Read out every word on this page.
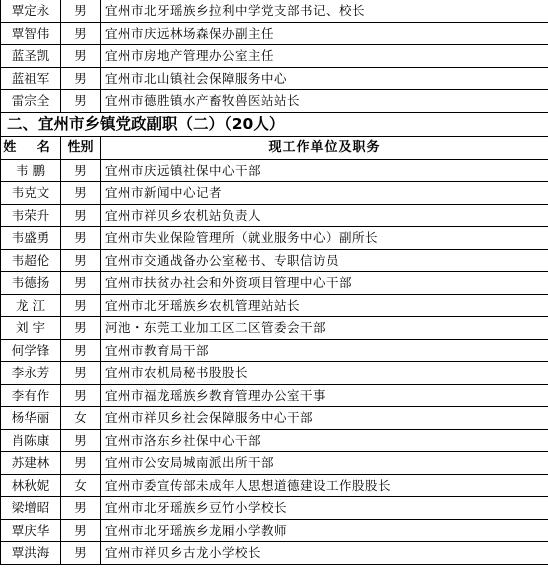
覃定永	男	宜州市北牙瑶族乡拉利中学党支部书记、校长
覃智伟	男	宜州市庆远林场森保办副主任
蓝圣凯	男	宜州市房地产管理办公室主任
蓝祖军	男	宜州市北山镇社会保障服务中心
雷宗全	男	宜州市德胜镇水产畜牧兽医站站长
二、宜州市乡镇党政副职（二）（20人）		
姓 名	性别	现工作单位及职务
韦 鹏	男	宜州市庆远镇社保中心干部
韦克文	男	宜州市新闻中心记者
韦荣升	男	宜州市祥贝乡农机站负责人
韦盛勇	男	宜州市失业保险管理所（就业服务中心）副所长
韦超伦	男	宜州市交通战备办公室秘书、专职信访员
韦德扬	男	宜州市扶贫办社会和外资项目管理中心干部
龙 江	男	宜州市北牙瑶族乡农机管理站站长
刘 宇	男	河池・东莞工业加工区二区管委会干部
何学锋	男	宜州市教育局干部
李永芳	男	宜州市农机局秘书股股长
李有作	男	宜州市福龙瑶族乡教育管理办公室干事
杨华丽	女	宜州市祥贝乡社会保障服务中心干部
肖陈康	男	宜州市洛东乡社保中心干部
苏建林	男	宜州市公安局城南派出所干部
林秋妮	女	宜州市委宣传部未成年人思想道德建设工作股股长
梁增昭	男	宜州市北牙瑶族乡豆竹小学校长
覃庆华	男	宜州市北牙瑶族乡龙厢小学教师
覃洪海	男	宜州市祥贝乡古龙小学校长
